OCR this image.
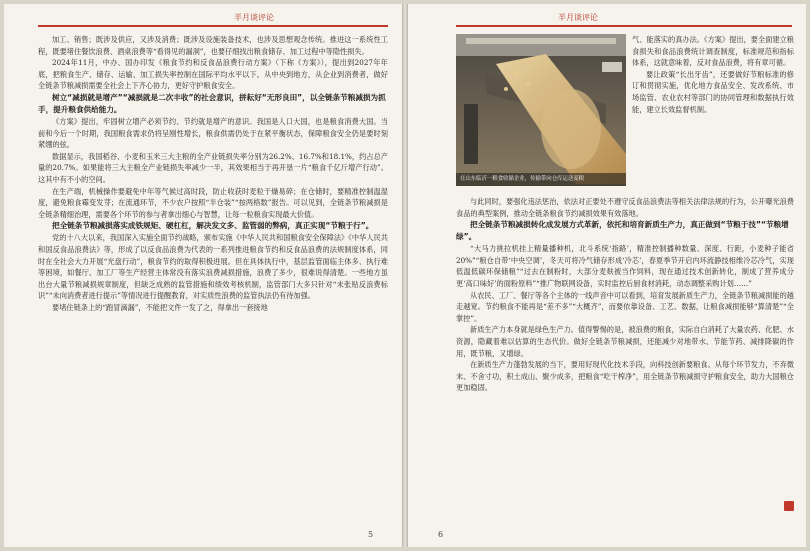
半月谈评论

加工、销售；既涉及供应，又涉及消费；既涉及设施装备技术，也涉及思想观念传统。推进这一系统性工程，既要堵住餐饮浪费、酒桌浪费等“看得见的漏洞”，也要仔细找出粮食储存、加工过程中等隐性损失。

2024年11月，中办、国办印发《粮食节约和反食品浪费行动方案》（下称《方案》），提出到2027年年底，把粮食生产、储存、运输、加工损失率控制在国际平均水平以下。从中央到地方，从企业到消费者，做好全链条节粮减损需要全社会上下齐心协力，更好守护粮食安全。

树立“减损就是增产”“减损就是二次丰收”的社会意识，拼耘好“无形良田”，以全链条节粮减损为抓手，提升粮食供给能力。

《方案》提出，牢固树立增产必须节约、节约就是增产的意识。我国是人口大国，也是粮食消费大国。当前和今后一个时期，我国粮食需求仍将呈刚性增长，粮食供需仍处于在紧平衡状态，保障粮食安全仍是要时刻紧绷的弦。

数据显示，我国稻谷、小麦和玉米三大主粮的全产业链损失率分别为26.2%、16.7%和18.1%，约占总产量的20.7%。如果能将三大主粮全产业链损失率减少一半，其效果相当于再开垦一片“粮食千亿斤增产行动”。这其中有不小的空间。

在生产端，机械操作要避免中年等气候过高时段，防止收获时麦粒干燥易碎；在仓储时，要精准控制温湿度，避免粮食霉变发芽；在流通环节，不少农户按照“半仓装”“按两格数”报告。可以见到，全链条节粮减损是全链条精细治理，需要各个环节的参与者拿出细心与智慧，让每一粒粮食实现最大价值。

把全链条节粮减损落实成铁规矩、硬杠杠，解决发文多、监管弱的弊病，真正实现“节粮于行”。

党的十八大以来，我国深入实施全面节约战略，颁布实施《中华人民共和国粮食安全保障法》《中华人民共和国反食品浪费法》等，形成了以反食品浪费为代表的一系列推进粮食节约和反食品浪费的法规制度体系，同时在全社会大力开展“光盘行动”，粮食节约的取得积极进展。但在具体执行中，基层监管面临主体多、执行难等困境，如餐厅、加工厂等生产经营主体常没有落实浪费减损措施，浪费了多少，很难说得清楚。一些地方虽出台大量节粮减损规章制度，但缺乏成熟的监管措施和绩效考核机制，监管部门大多只针对“未张贴反浪费标识”“未向消费者进行提示”等情况进行提醒教育，对实质性浪费的监管执法仍有待加强。

要堵住链条上的“跑冒滴漏”，不能把文件一发了之，得拿出一套接地

5
半月谈评论
在山东临沂一粮食收储企业，传输带向仓库运送麦粮

气、能落实的真办法。《方案》提出，要全面建立粮食损失和食品浪费统计调查制度，标准规范和指标体系，这就意味着，反对食品浪费，将有章可循。

要让政策“长出牙齿”，还要做好节粮标准的修订和贯彻实施，优化地方食品安全、发改系统、市场监管、农业农村等部门的协同管理和数据执行效能，建立长效监督机制。

与此同时，要强化违法惩治，依法对正要处不遵守反食品浪费法等相关法律法规的行为，公开曝光浪费食品的典型案例，推动全链条粮食节约减损效果有效落地。

把全链条节粮减损转化成发展方式革新，依托和培育新质生产力，真正做到“节粮于技”“节粮增绿”。

“大马力挑拉机挂上精量播种机，北斗系统‘指路’，精准控制播种数量、深度、行距，小麦种子能省20%”“粮仓自带‘中央空调’，冬天可将冷气储存形成‘冷芯’，春夏季节开启内环流静技相维冷芯冷气，实现低温低碳环保储粮”“过去在制粉时，大部分麦麸被当作饲料，现在通过技术创新转化，制成了营养成分更‘高口味好’的面粉原料”“推广物联网设备，实时监控后厨食材消耗，动态调整采购计划……”

从农民、工厂、餐厅等各个主体的一线声音中可以看到，培育发展新质生产力，全链条节粮减损能的越走越宽。节约粮食不能再是“差不多”“大概齐”，而要依靠设备、工艺、数据，让粮食减损能够“算清楚”“全掌控”。

新质生产力本身就是绿色生产力。值得警惕的是，被浪费的粮食，实际自白消耗了大量农药、化肥、水资源，隐藏着难以估算的生态代价。做好全链条节粮减损，还能减少对地带水、节能节药、减排降碳的作用，既节粮，又增绿。

在新质生产力蓬勃发展的当下，要用好现代化技术手段，向科技创新要粮食。从每个环节发力，不弃微末、不舍寸功，积土成山、聚少成多，把粮食“吃干榨净”，用全链条节粮减损守护粮食安全，助力大国粮仓更加稳固。

6
